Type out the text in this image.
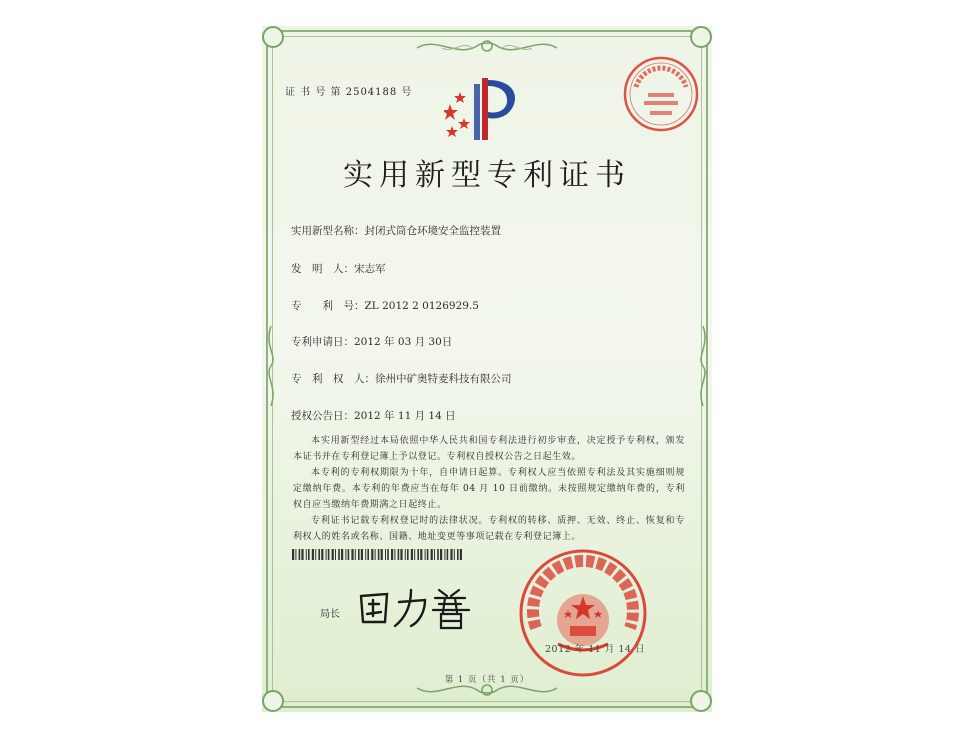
证 书 号 第 2504188 号
实用新型专利证书
实用新型名称：封闭式筒仓环境安全监控装置
发　明　人：宋志军
专　　利　号：ZL 2012 2 0126929.5
专利申请日：2012 年 03 月 30日
专　利　权　人：徐州中矿奥特麦科技有限公司
授权公告日：2012 年 11 月 14 日

本实用新型经过本局依照中华人民共和国专利法进行初步审查，决定授予专利权，颁发本证书并在专利登记簿上予以登记。专利权自授权公告之日起生效。

本专利的专利权期限为十年，自申请日起算。专利权人应当依照专利法及其实施细则规定缴纳年费。本专利的年费应当在每年 04 月 10 日前缴纳。未按照规定缴纳年费的，专利权自应当缴纳年费期满之日起终止。

专利证书记载专利权登记时的法律状况。专利权的转移、质押、无效、终止、恢复和专利权人的姓名或名称、国籍、地址变更等事项记载在专利登记簿上。

局长
2012 年 11 月 14 日
第 1 页（共 1 页）
